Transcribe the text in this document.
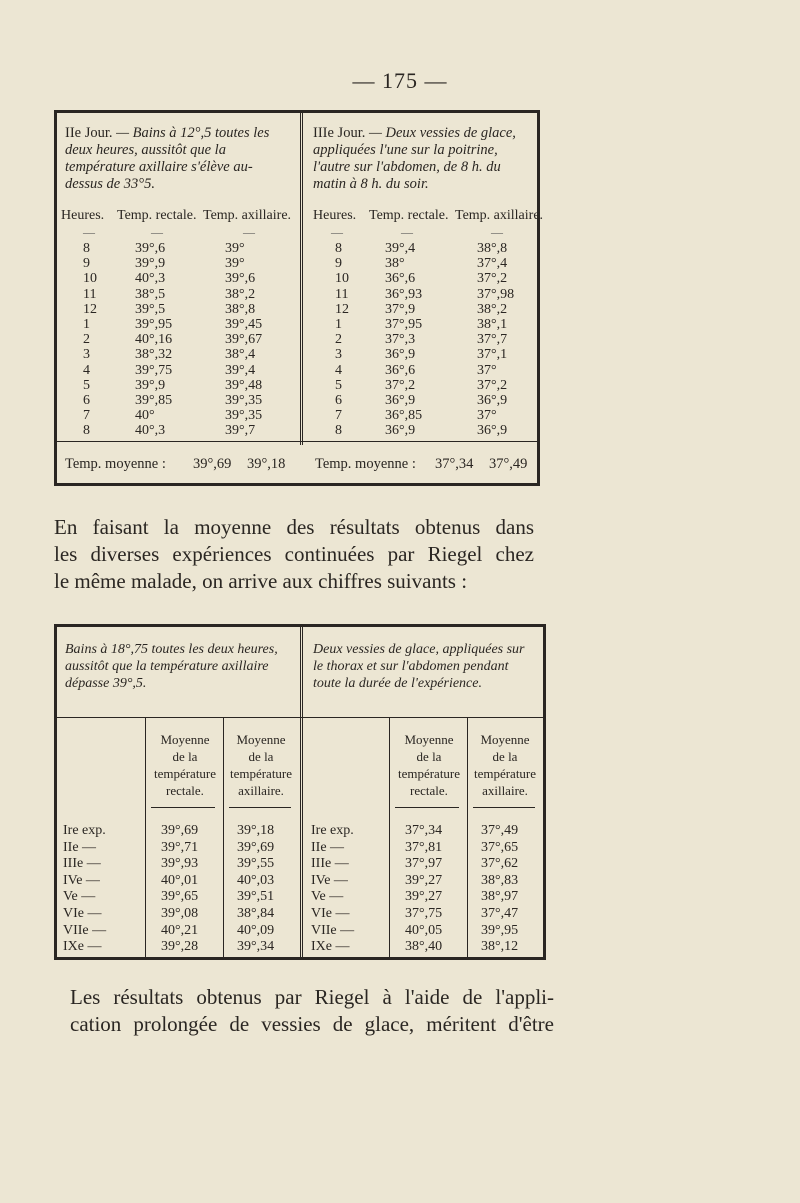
— 175 —
IIe Jour. — Bains à 12°,5 toutes les deux heures, aussitôt que la température axillaire s'élève au-dessus de 33°5.
Heures. Temp. rectale. Temp. axillaire.
—	—	—
8	39°,6	39°
9	39°,9	39°
10	40°,3	39°,6
11	38°,5	38°,2
12	39°,5	38°,8
1	39°,95	39°,45
2	40°,16	39°,67
3	38°,32	38°,4
4	39°,75	39°,4
5	39°,9	39°,48
6	39°,85	39°,35
7	40°	39°,35
8	40°,3	39°,7
IIIe Jour. — Deux vessies de glace, appliquées l'une sur la poitrine, l'autre sur l'abdomen, de 8 h. du matin à 8 h. du soir.
Heures. Temp. rectale. Temp. axillaire.
—	—	—
8	39°,4	38°,8
9	38°	37°,4
10	36°,6	37°,2
11	36°,93	37°,98
12	37°,9	38°,2
1	37°,95	38°,1
2	37°,3	37°,7
3	36°,9	37°,1
4	36°,6	37°
5	37°,2	37°,2
6	36°,9	36°,9
7	36°,85	37°
8	36°,9	36°,9
Temp. moyenne : 39°,69 39°,18 Temp. moyenne : 37°,34 37°,49
En faisant la moyenne des résultats obtenus dans
les diverses expériences continuées par Riegel chez
le même malade, on arrive aux chiffres suivants :
Bains à 18°,75 toutes les deux heures, aussitôt que la température axillaire dépasse 39°,5.
Moyenne
de la
température
rectale.
Moyenne
de la
température
axillaire.
Ire exp.	39°,69	39°,18
IIe —	39°,71	39°,69
IIIe —	39°,93	39°,55
IVe —	40°,01	40°,03
Ve —	39°,65	39°,51
VIe —	39°,08	38°,84
VIIe —	40°,21	40°,09
IXe —	39°,28	39°,34
Deux vessies de glace, appliquées sur le thorax et sur l'abdomen pendant toute la durée de l'expérience.
Moyenne
de la
température
rectale.
Moyenne
de la
température
axillaire.
Ire exp.	37°,34	37°,49
IIe —	37°,81	37°,65
IIIe —	37°,97	37°,62
IVe —	39°,27	38°,83
Ve —	39°,27	38°,97
VIe —	37°,75	37°,47
VIIe —	40°,05	39°,95
IXe —	38°,40	38°,12
Les résultats obtenus par Riegel à l'aide de l'appli-
cation prolongée de vessies de glace, méritent d'être
